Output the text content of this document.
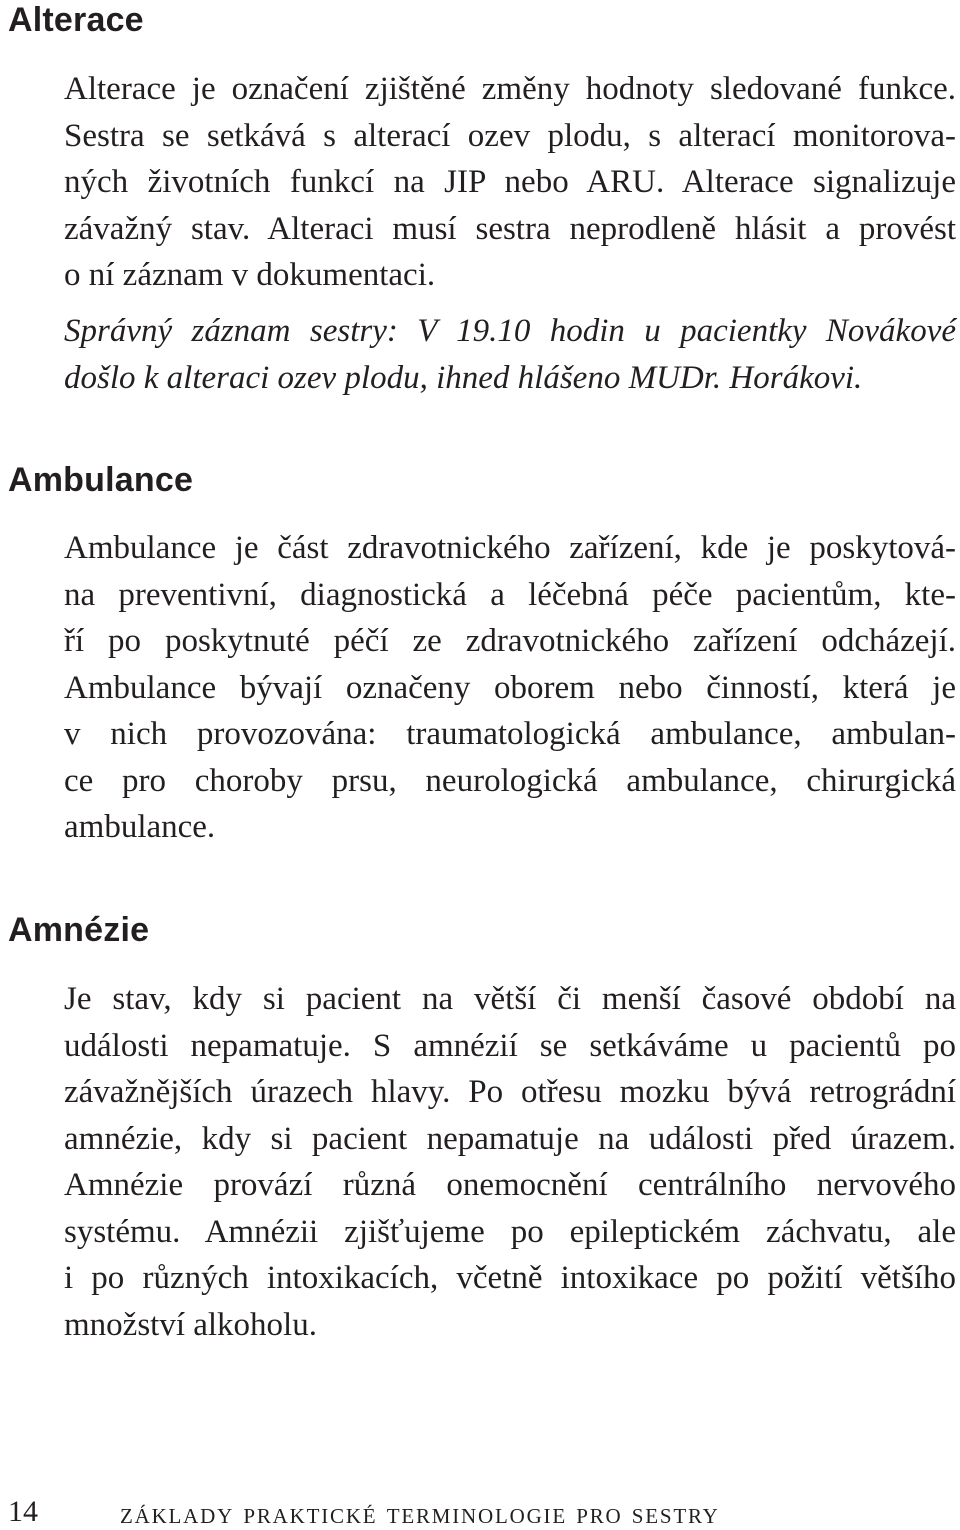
Alterace
Alterace je označení zjištěné změny hodnoty sledované funkce.
Sestra se setkává s alterací ozev plodu, s alterací monitorova-
ných životních funkcí na JIP nebo ARU. Alterace signalizuje
závažný stav. Alteraci musí sestra neprodleně hlásit a provést
o ní záznam v dokumentaci.
Správný záznam sestry: V 19.10 hodin u pacientky Novákové
došlo k alteraci ozev plodu, ihned hlášeno MUDr. Horákovi.
Ambulance
Ambulance je část zdravotnického zařízení, kde je poskytová-
na preventivní, diagnostická a léčebná péče pacientům, kte-
ří po poskytnuté péčí ze zdravotnického zařízení odcházejí.
Ambulance bývají označeny oborem nebo činností, která je
v nich provozována: traumatologická ambulance, ambulan-
ce pro choroby prsu, neurologická ambulance, chirurgická
ambulance.
Amnézie
Je stav, kdy si pacient na větší či menší časové období na
události nepamatuje. S amnézií se setkáváme u pacientů po
závažnějších úrazech hlavy. Po otřesu mozku bývá retrográdní
amnézie, kdy si pacient nepamatuje na události před úrazem.
Amnézie provází různá onemocnění centrálního nervového
systému. Amnézii zjišťujeme po epileptickém záchvatu, ale
i po různých intoxikacích, včetně intoxikace po požití většího
množství alkoholu.
14	základy praktické terminologie pro sestry
